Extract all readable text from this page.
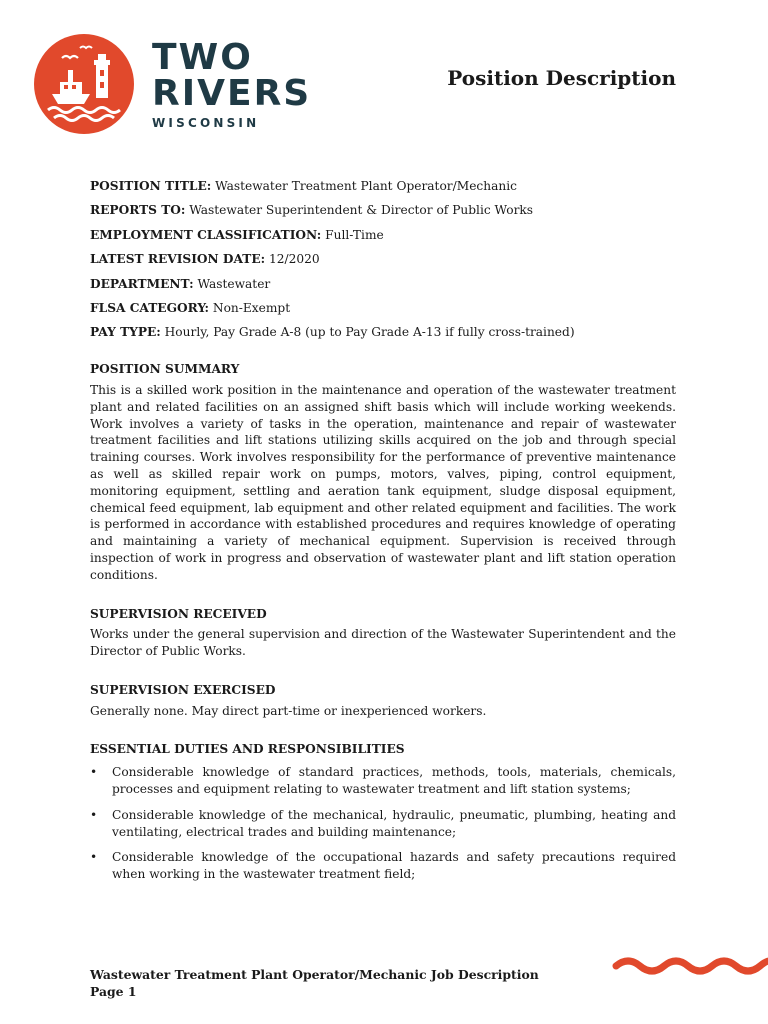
TWO
RIVERS
WISCONSIN
Position Description
POSITION TITLE: Wastewater Treatment Plant Operator/Mechanic
REPORTS TO: Wastewater Superintendent & Director of Public Works
EMPLOYMENT CLASSIFICATION: Full-Time
LATEST REVISION DATE: 12/2020
DEPARTMENT: Wastewater
FLSA CATEGORY: Non-Exempt
PAY TYPE: Hourly, Pay Grade A-8 (up to Pay Grade A-13 if fully cross-trained)
POSITION SUMMARY

This is a skilled work position in the maintenance and operation of the wastewater treatment plant and related facilities on an assigned shift basis which will include working weekends. Work involves a variety of tasks in the operation, maintenance and repair of wastewater treatment facilities and lift stations utilizing skills acquired on the job and through special training courses. Work involves responsibility for the performance of preventive maintenance as well as skilled repair work on pumps, motors, valves, piping, control equipment, monitoring equipment, settling and aeration tank equipment, sludge disposal equipment, chemical feed equipment, lab equipment and other related equipment and facilities. The work is performed in accordance with established procedures and requires knowledge of operating and maintaining a variety of mechanical equipment. Supervision is received through inspection of work in progress and observation of wastewater plant and lift station operation conditions.

SUPERVISION RECEIVED

Works under the general supervision and direction of the Wastewater Superintendent and the Director of Public Works.

SUPERVISION EXERCISED

Generally none. May direct part-time or inexperienced workers.

ESSENTIAL DUTIES AND RESPONSIBILITIES
• Considerable knowledge of standard practices, methods, tools, materials, chemicals, processes and equipment relating to wastewater treatment and lift station systems;
• Considerable knowledge of the mechanical, hydraulic, pneumatic, plumbing, heating and ventilating, electrical trades and building maintenance;
• Considerable knowledge of the occupational hazards and safety precautions required when working in the wastewater treatment field;
Wastewater Treatment Plant Operator/Mechanic Job Description
Page 1
